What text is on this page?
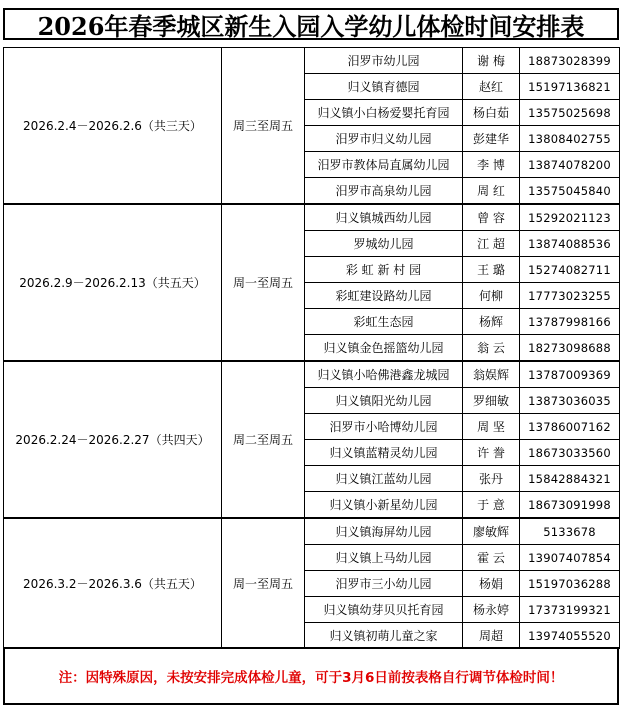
2026年春季城区新生入园入学幼儿体检时间安排表
2026.2.4－2026.2.6（共三天）	周三至周五	汨罗市幼儿园	谢 梅	18873028399
		归义镇育德园	赵红	15197136821
		归义镇小白杨爱婴托育园	杨白茹	13575025698
		汨罗市归义幼儿园	彭建华	13808402755
		汨罗市教体局直属幼儿园	李 博	13874078200
		汨罗市高泉幼儿园	周 红	13575045840
2026.2.9－2026.2.13（共五天）	周一至周五	归义镇城西幼儿园	曾 容	15292021123
		罗城幼儿园	江 超	13874088536
		彩 虹 新 村 园	王 璐	15274082711
		彩虹建设路幼儿园	何柳	17773023255
		彩虹生态园	杨辉	13787998166
		归义镇金色摇篮幼儿园	翁 云	18273098688
2026.2.24－2026.2.27（共四天）	周二至周五	归义镇小哈佛港鑫龙城园	翁娱辉	13787009369
		归义镇阳光幼儿园	罗细敏	13873036035
		汨罗市小哈博幼儿园	周 坚	13786007162
		归义镇蓝精灵幼儿园	许 誊	18673033560
		归义镇江蓝幼儿园	张丹	15842884321
		归义镇小新星幼儿园	于 意	18673091998
2026.3.2－2026.3.6（共五天）	周一至周五	归义镇海屏幼儿园	廖敏辉	5133678
		归义镇上马幼儿园	霍 云	13907407854
		汨罗市三小幼儿园	杨娟	15197036288
		归义镇幼芽贝贝托育园	杨永婷	17373199321
		归义镇初萌儿童之家	周超	13974055520
注：因特殊原因，未按安排完成体检儿童，可于3月6日前按表格自行调节体检时间！
